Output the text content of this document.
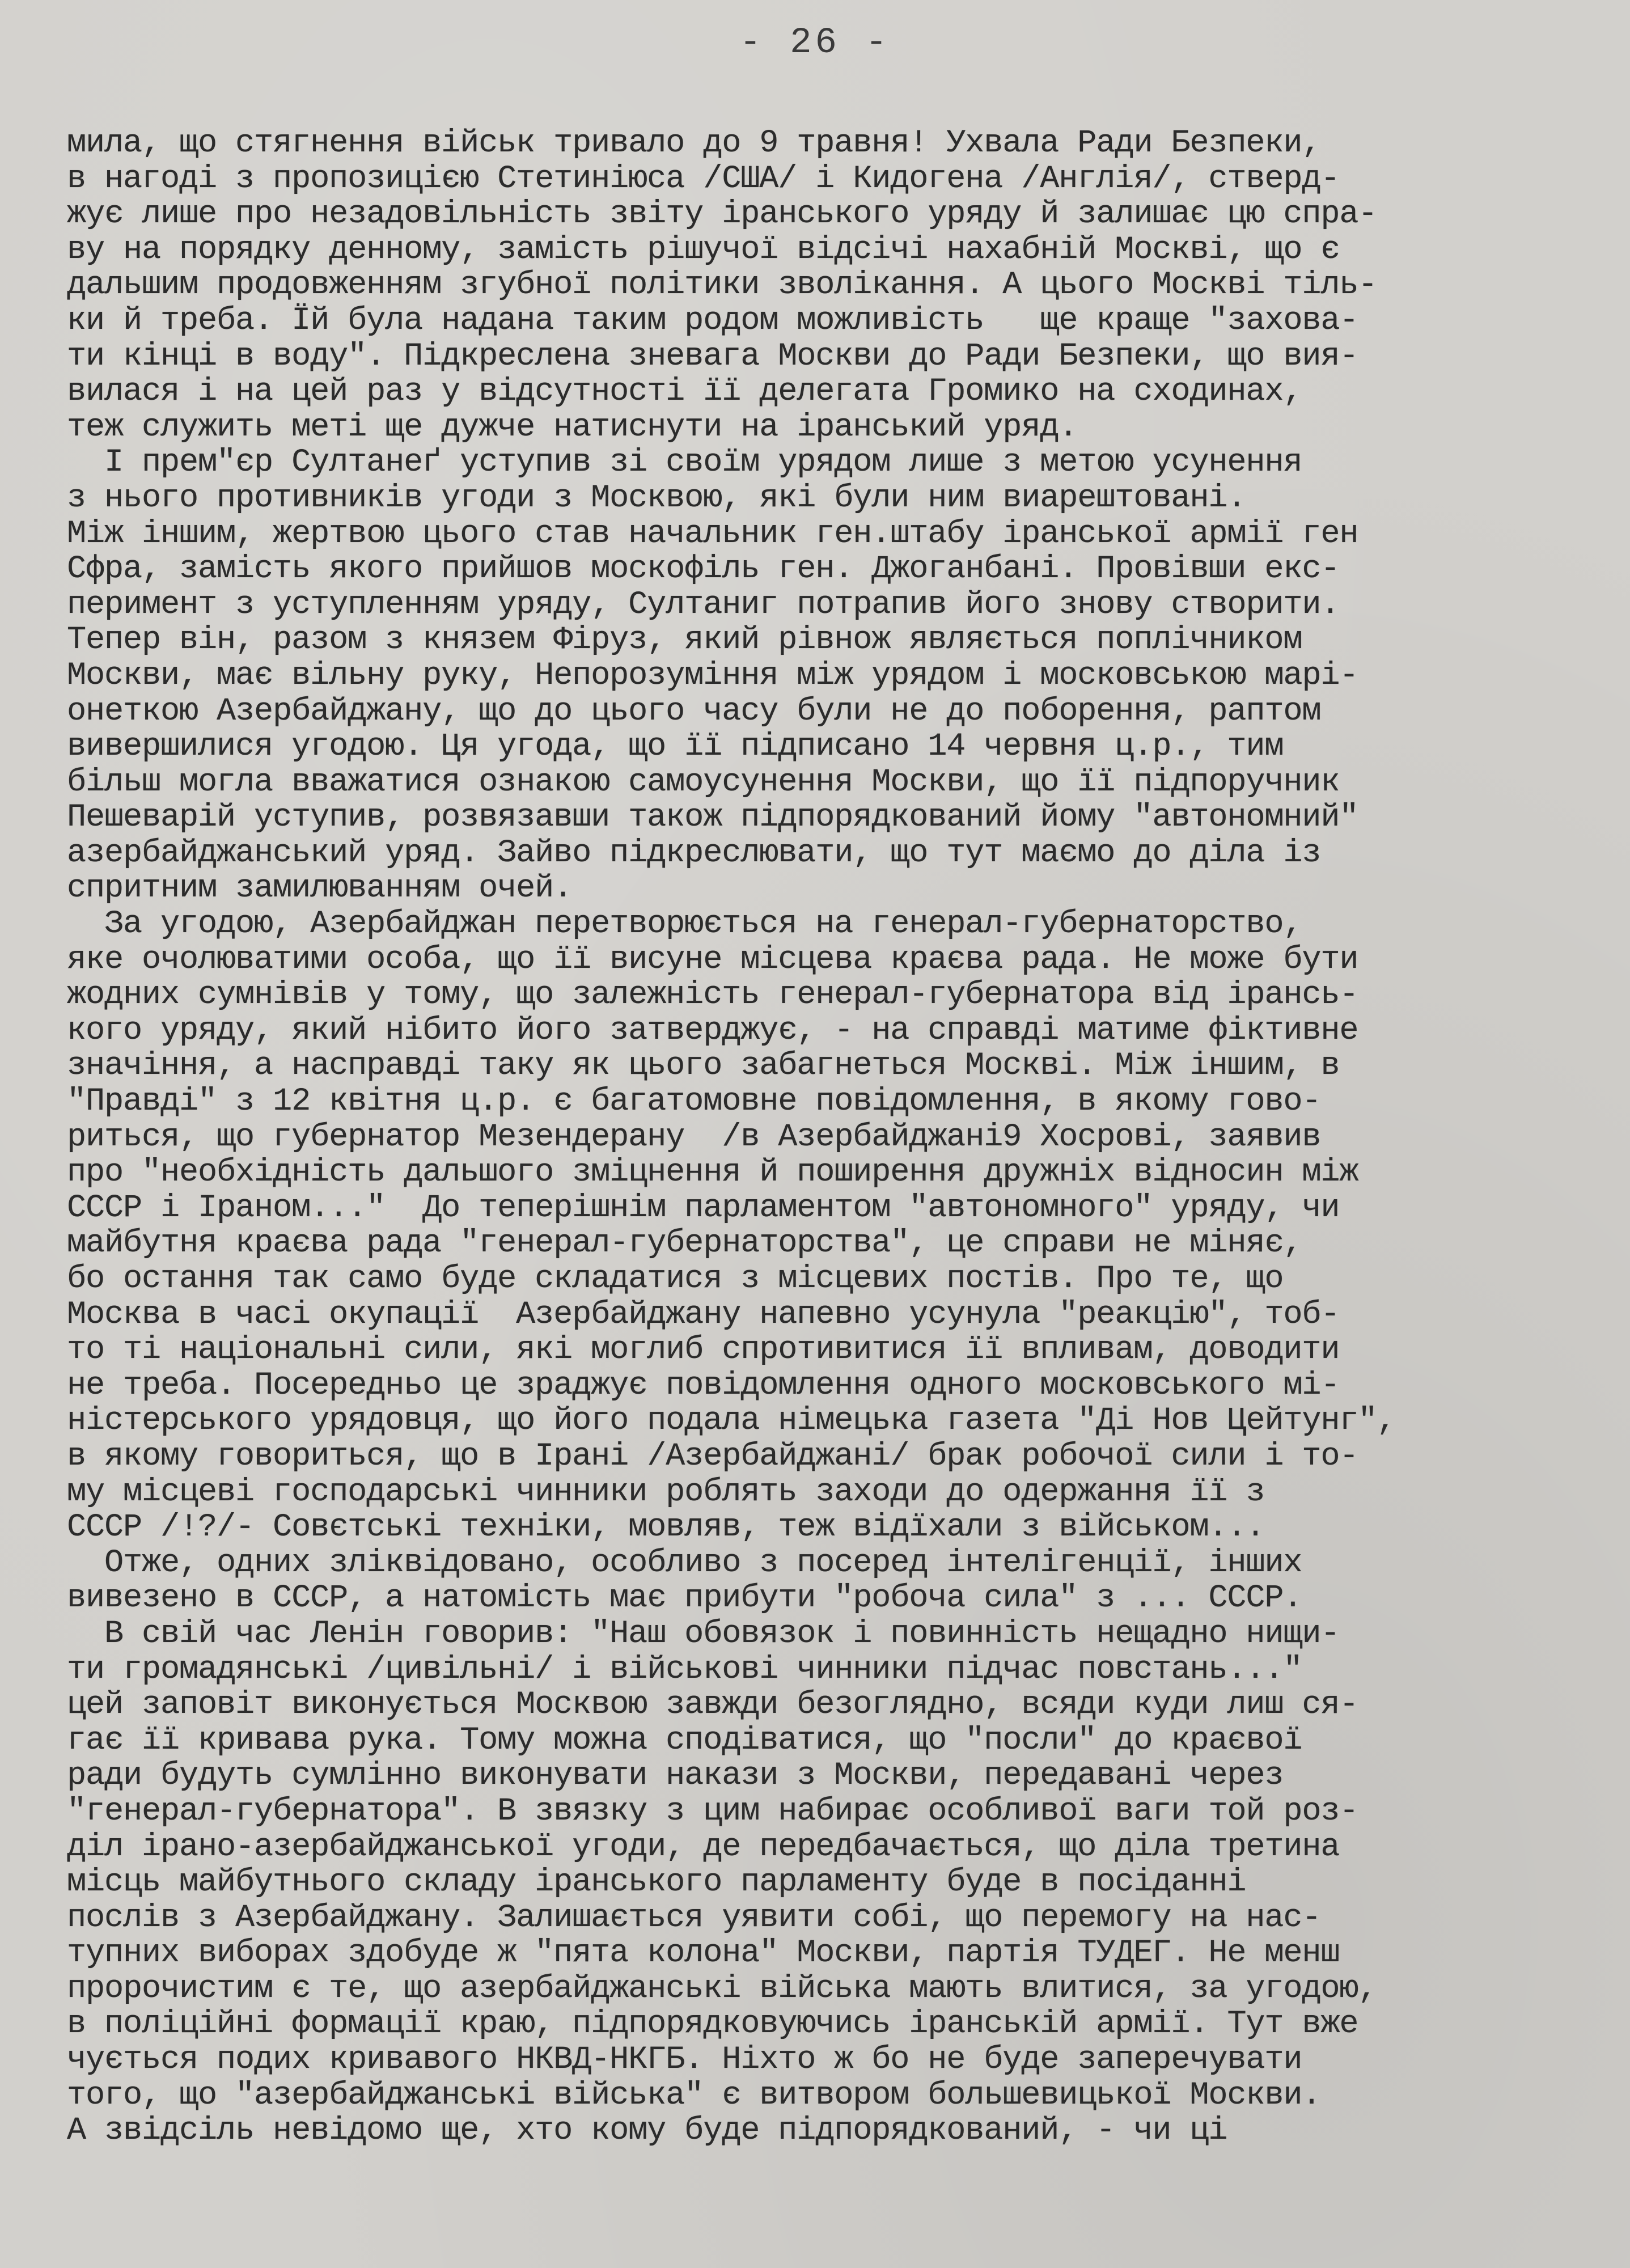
- 26 -
мила, що стягнення військ тривало до 9 травня! Ухвала Ради Безпеки,
в нагоді з пропозицією Стетиніюса /США/ і Кидогена /Англія/, стверд-
жує лише про незадовільність звіту іранського уряду й залишає цю спра-
ву на порядку денному, замість рішучої відсічі нахабній Москві, що є
дальшим продовженням згубної політики зволікання. А цього Москві тіль-
ки й треба. Їй була надана таким родом можливість   ще краще "захова-
ти кінці в воду". Підкреслена зневага Москви до Ради Безпеки, що вия-
вилася і на цей раз у відсутності її делегата Громико на сходинах,
теж служить меті ще дужче натиснути на іранський уряд.
І прем"єр Султанеґ уступив зі своїм урядом лише з метою усунення
з нього противників угоди з Москвою, які були ним виарештовані.
Між іншим, жертвою цього став начальник ген.штабу іранської армії ген
Сфра, замість якого прийшов москофіль ген. Джоганбані. Провівши екс-
перимент з уступленням уряду, Султаниг потрапив його знову створити.
Тепер він, разом з князем Фіруз, який рівнож являється поплічником
Москви, має вільну руку, Непорозуміння між урядом і московською марі-
онеткою Азербайджану, що до цього часу були не до поборення, раптом
вивершилися угодою. Ця угода, що її підписано 14 червня ц.р., тим
більш могла вважатися ознакою самоусунення Москви, що її підпоручник
Пешеварій уступив, розвязавши також підпорядкований йому "автономний"
азербайджанський уряд. Зайво підкреслювати, що тут маємо до діла із
спритним замилюванням очей.
За угодою, Азербайджан перетворюється на генерал-губернаторство,
яке очолюватими особа, що її висуне місцева краєва рада. Не може бути
жодних сумнівів у тому, що залежність генерал-губернатора від ірансь-
кого уряду, який нібито його затверджує, - на справді матиме фіктивне
значіння, а насправді таку як цього забагнеться Москві. Між іншим, в
"Правді" з 12 квітня ц.р. є багатомовне повідомлення, в якому гово-
риться, що губернатор Мезендерану  /в Азербайджані9 Хосрові, заявив
про "необхідність дальшого зміцнення й поширення дружніх відносин між
СССР і Іраном..."  До теперішнім парламентом "автономного" уряду, чи
майбутня краєва рада "генерал-губернаторства", це справи не міняє,
бо остання так само буде складатися з місцевих постів. Про те, що
Москва в часі окупації  Азербайджану напевно усунула "реакцію", тоб-
то ті національні сили, які моглиб спротивитися її впливам, доводити
не треба. Посередньо це зраджує повідомлення одного московського мі-
ністерського урядовця, що його подала німецька газета "Ді Нов Цейтунг",
в якому говориться, що в Ірані /Азербайджані/ брак робочої сили і то-
му місцеві господарські чинники роблять заходи до одержання її з
СССР /!?/- Совєтські техніки, мовляв, теж відїхали з військом...
Отже, одних зліквідовано, особливо з посеред інтелігенції, інших
вивезено в СССР, а натомість має прибути "робоча сила" з ... СССР.
В свій час Ленін говорив: "Наш обовязок і повинність нещадно нищи-
ти громадянські /цивільні/ і військові чинники підчас повстань..."
цей заповіт виконується Москвою завжди безоглядно, всяди куди лиш ся-
гає її кривава рука. Тому можна сподіватися, що "посли" до краєвої
ради будуть сумлінно виконувати накази з Москви, передавані через
"генерал-губернатора". В звязку з цим набирає особливої ваги той роз-
діл ірано-азербайджанської угоди, де передбачається, що діла третина
місць майбутнього складу іранського парламенту буде в посіданні
послів з Азербайджану. Залишається уявити собі, що перемогу на нас-
тупних виборах здобуде ж "пята колона" Москви, партія ТУДЕГ. Не менш
пророчистим є те, що азербайджанські війська мають влитися, за угодою,
в поліційні формації краю, підпорядковуючись іранській армії. Тут вже
чується подих кривавого НКВД-НКГБ. Ніхто ж бо не буде заперечувати
того, що "азербайджанські війська" є витвором большевицької Москви.
А звідсіль невідомо ще, хто кому буде підпорядкований, - чи ці
